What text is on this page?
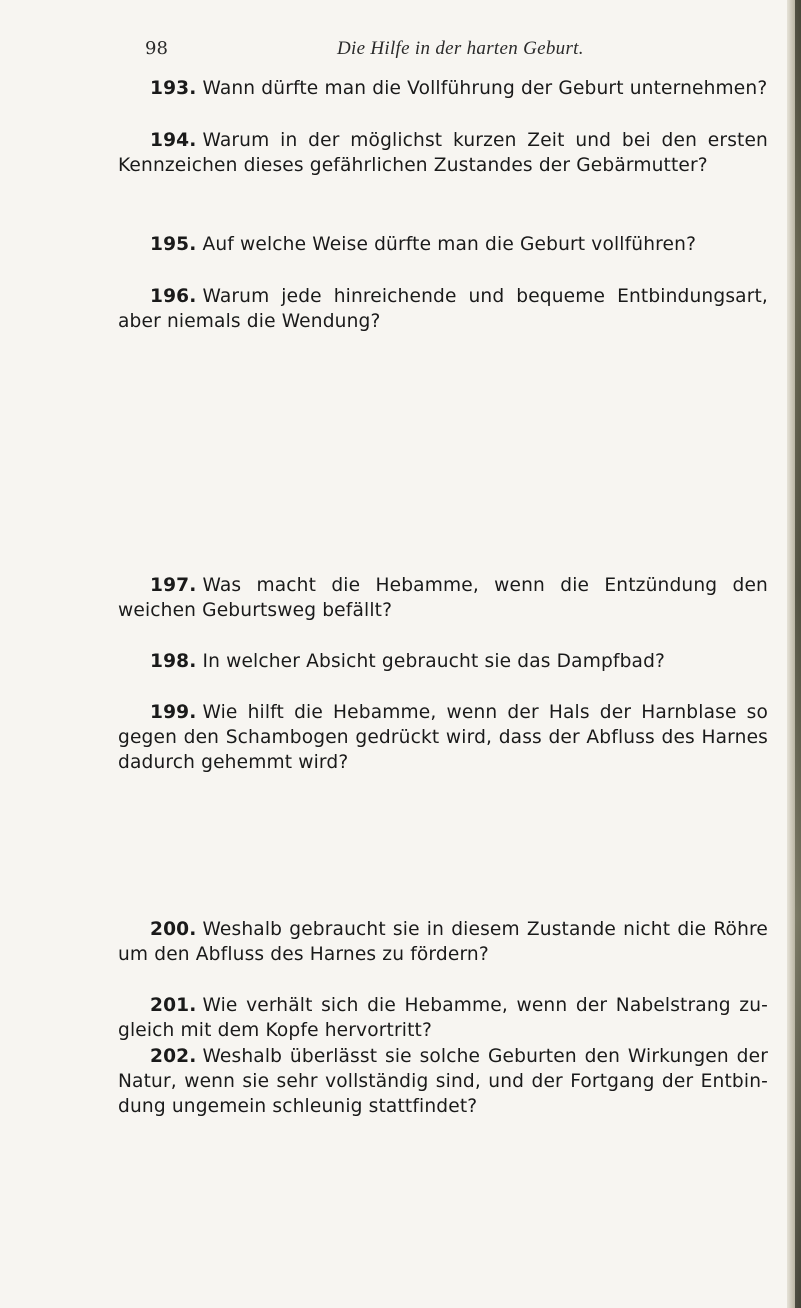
98	Die Hilfe in der harten Geburt.
193. Wann dürfte man die Vollführung der Geburt unternehmen?
194. Warum in der möglichst kurzen Zeit und bei den ersten Kennzeichen dieses gefährlichen Zustandes der Gebärmutter?
195. Auf welche Weise dürfte man die Geburt vollführen?
196. Warum jede hinreichende und bequeme Entbindungsart, aber niemals die Wendung?
197. Was macht die Hebamme, wenn die Entzündung den weichen Geburtsweg befällt?
198. In welcher Absicht gebraucht sie das Dampfbad?
199. Wie hilft die Hebamme, wenn der Hals der Harnblase so gegen den Schambogen gedrückt wird, dass der Abfluss des Harnes dadurch gehemmt wird?
200. Weshalb gebraucht sie in diesem Zustande nicht die Röhre um den Abfluss des Harnes zu fördern?
201. Wie verhält sich die Hebamme, wenn der Nabelstrang zu- gleich mit dem Kopfe hervortritt?
202. Weshalb überlässt sie solche Geburten den Wirkungen der Natur, wenn sie sehr vollständig sind, und der Fortgang der Entbin- dung ungemein schleunig stattfindet?
